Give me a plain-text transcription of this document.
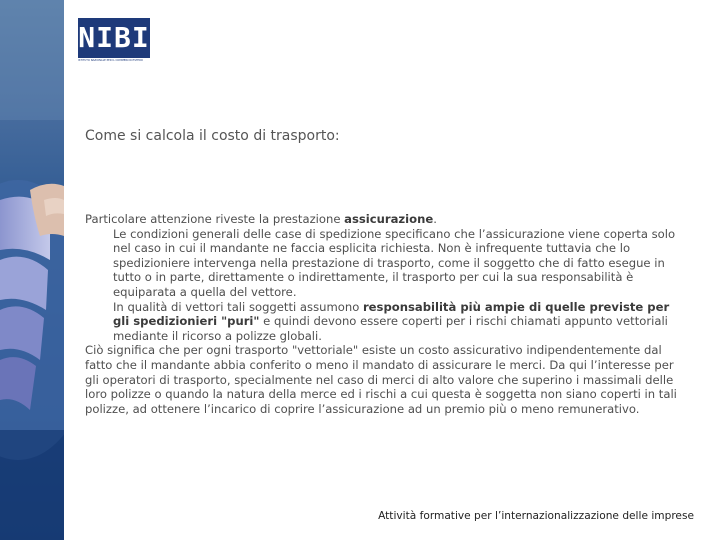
NIBI
ISTITUTO NAZIONALE PER IL COMMERCIO ESTERO
Come si calcola il costo di trasporto:

Particolare attenzione riveste la prestazione assicurazione.

Le condizioni generali delle case di spedizione specificano che l’assicurazione viene coperta solo nel caso in cui il mandante ne faccia esplicita richiesta. Non è infrequente tuttavia che lo spedizioniere intervenga nella prestazione di trasporto, come il soggetto che di fatto esegue in tutto o in parte, direttamente o indirettamente, il trasporto per cui la sua responsabilità è equiparata a quella del vettore.

In qualità di vettori tali soggetti assumono responsabilità più ampie di quelle previste per gli spedizionieri "puri" e quindi devono essere coperti per i rischi chiamati appunto vettoriali mediante il ricorso a polizze globali.

Ciò significa che per ogni trasporto "vettoriale" esiste un costo assicurativo indipendentemente dal fatto che il mandante abbia conferito o meno il mandato di assicurare le merci. Da qui l’interesse per gli operatori di trasporto, specialmente nel caso di merci di alto valore che superino i massimali delle loro polizze o quando la natura della merce ed i rischi a cui questa è soggetta non siano coperti in tali polizze, ad ottenere l’incarico di coprire l’assicurazione ad un premio più o meno remunerativo.

Attività formative per l’internazionalizzazione delle imprese
